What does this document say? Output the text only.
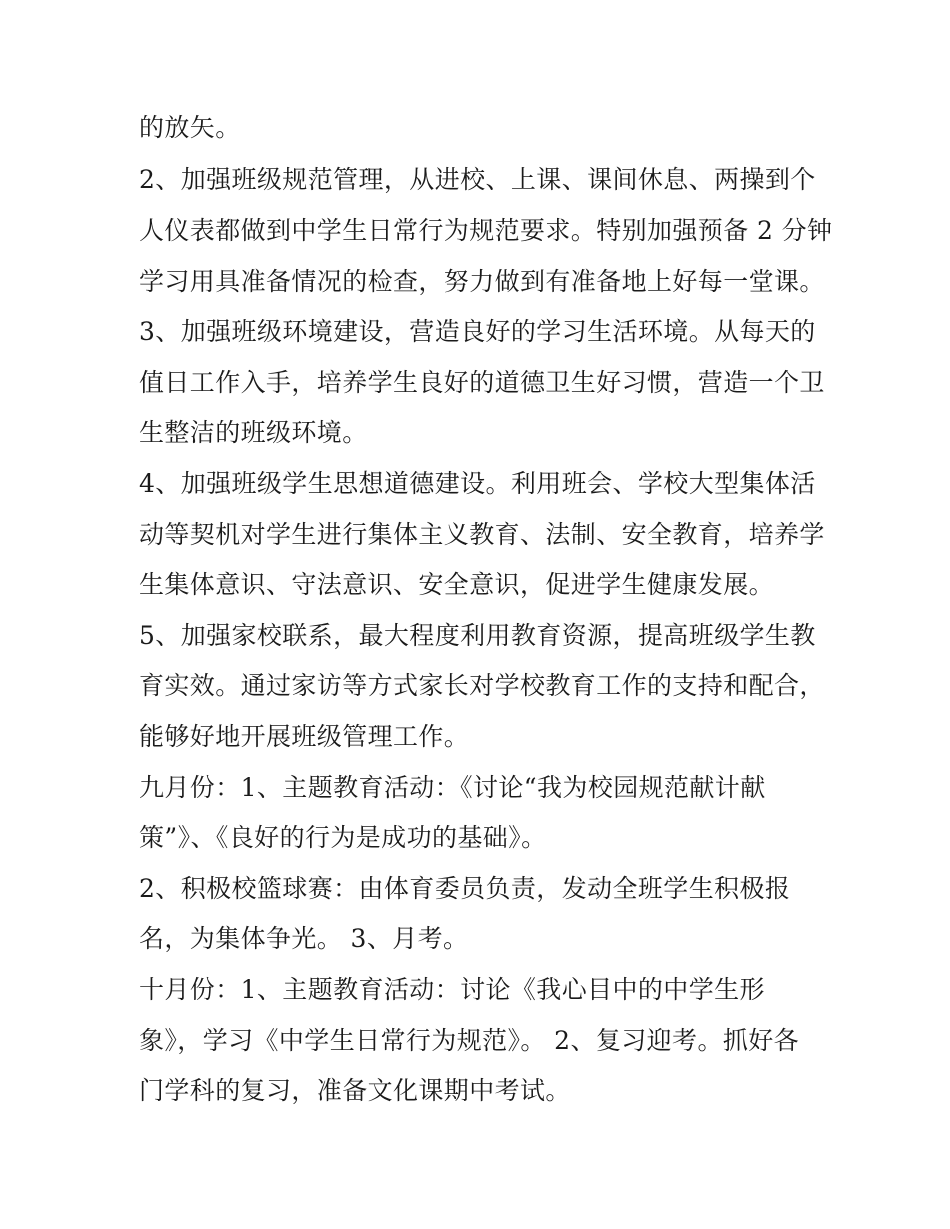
的放矢。
2、加强班级规范管理，从进校、上课、课间休息、两操到个
人仪表都做到中学生日常行为规范要求。特别加强预备 2 分钟
学习用具准备情况的检查，努力做到有准备地上好每一堂课。
3、加强班级环境建设，营造良好的学习生活环境。从每天的
值日工作入手，培养学生良好的道德卫生好习惯，营造一个卫
生整洁的班级环境。
4、加强班级学生思想道德建设。利用班会、学校大型集体活
动等契机对学生进行集体主义教育、法制、安全教育，培养学
生集体意识、守法意识、安全意识，促进学生健康发展。
5、加强家校联系，最大程度利用教育资源，提高班级学生教
育实效。通过家访等方式家长对学校教育工作的支持和配合，
能够好地开展班级管理工作。
九月份：1、主题教育活动：《讨论“我为校园规范献计献
策”》、《良好的行为是成功的基础》。
2、积极校篮球赛：由体育委员负责，发动全班学生积极报
名，为集体争光。 3、月考。
十月份：1、主题教育活动：讨论《我心目中的中学生形
象》，学习《中学生日常行为规范》。 2、复习迎考。抓好各
门学科的复习，准备文化课期中考试。
